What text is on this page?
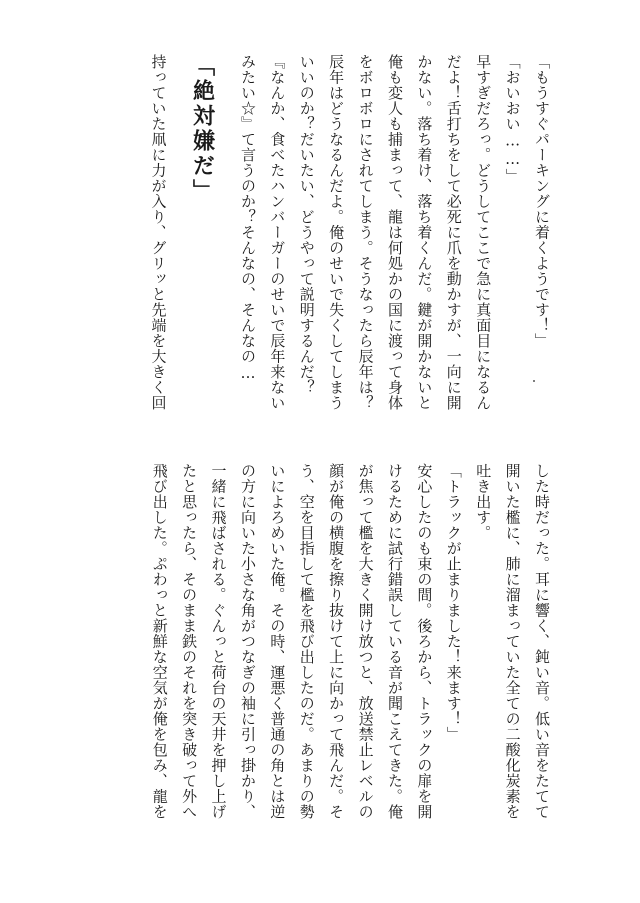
「もうすぐパーキングに着くようです！」
「おいおい……」
早すぎだろっ。どうしてここで急に真面目になるん
だよ！舌打ちをして必死に爪を動かすが、一向に開
かない。落ち着け、落ち着くんだ。鍵が開かないと
俺も変人も捕まって、龍は何処かの国に渡って身体
をボロボロにされてしまう。そうなったら辰年は？
辰年はどうなるんだよ。俺のせいで失くしてしまう
いいのか？だいたい、どうやって説明するんだ？
『なんか、食べたハンバーガーのせいで辰年来ない
みたい☆』て言うのか？そんなの、そんなの…
「絶対嫌だ」
持っていた凧に力が入り、グリッと先端を大きく回
した時だった。耳に響く、鈍い音。低い音をたてて
開いた檻に、肺に溜まっていた全ての二酸化炭素を
吐き出す。
「トラックが止まりました！来ます！」
安心したのも束の間。後ろから、トラックの扉を開
けるために試行錯誤している音が聞こえてきた。俺
が焦って檻を大きく開け放つと、放送禁止レベルの
顔が俺の横腹を擦り抜けて上に向かって飛んだ。そ
う、空を目指して檻を飛び出したのだ。あまりの勢
いによろめいた俺。その時、運悪く普通の角とは逆
の方に向いた小さな角がつなぎの袖に引っ掛かり、
一緒に飛ばされる。ぐんっと荷台の天井を押し上げ
たと思ったら、そのまま鉄のそれを突き破って外へ
飛び出した。ぷわっと新鮮な空気が俺を包み、龍を
